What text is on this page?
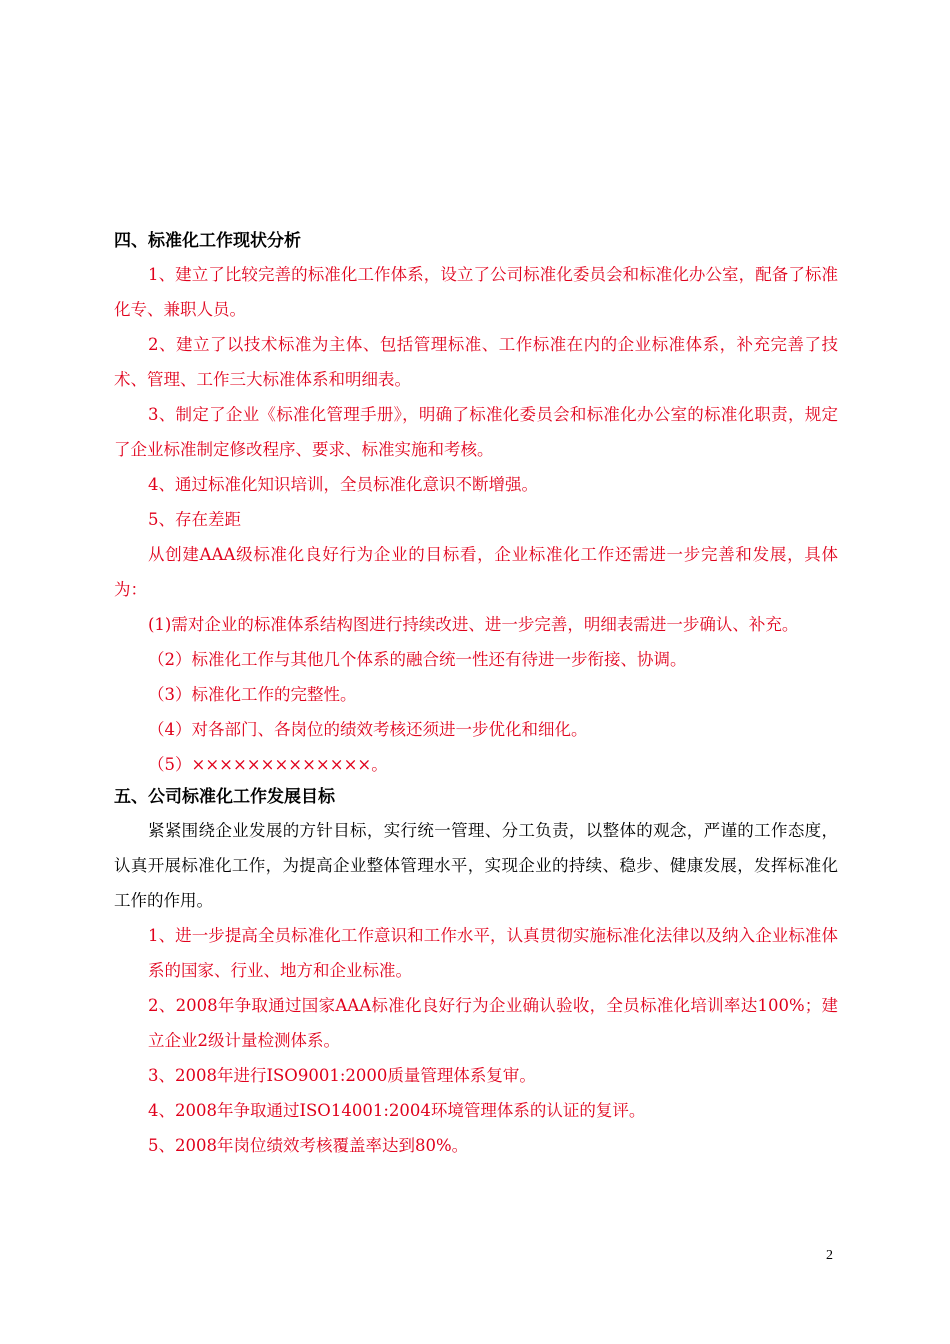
四、标准化工作现状分析

1、建立了比较完善的标准化工作体系，设立了公司标准化委员会和标准化办公室，配备了标准化专、兼职人员。

2、建立了以技术标准为主体、包括管理标准、工作标准在内的企业标准体系，补充完善了技术、管理、工作三大标准体系和明细表。

3、制定了企业《标准化管理手册》，明确了标准化委员会和标准化办公室的标准化职责，规定了企业标准制定修改程序、要求、标准实施和考核。

4、通过标准化知识培训，全员标准化意识不断增强。

5、存在差距

从创建AAA级标准化良好行为企业的目标看，企业标准化工作还需进一步完善和发展，具体为：

(1)需对企业的标准体系结构图进行持续改进、进一步完善，明细表需进一步确认、补充。

（2）标准化工作与其他几个体系的融合统一性还有待进一步衔接、协调。

（3）标准化工作的完整性。

（4）对各部门、各岗位的绩效考核还须进一步优化和细化。

（5）×××××××××××××。

五、公司标准化工作发展目标

紧紧围绕企业发展的方针目标，实行统一管理、分工负责，以整体的观念，严谨的工作态度，认真开展标准化工作，为提高企业整体管理水平，实现企业的持续、稳步、健康发展，发挥标准化工作的作用。

1、进一步提高全员标准化工作意识和工作水平，认真贯彻实施标准化法律以及纳入企业标准体系的国家、行业、地方和企业标准。

2、2008年争取通过国家AAA标准化良好行为企业确认验收，全员标准化培训率达100%；建立企业2级计量检测体系。

3、2008年进行ISO9001:2000质量管理体系复审。

4、2008年争取通过ISO14001:2004环境管理体系的认证的复评。

5、2008年岗位绩效考核覆盖率达到80%。

2
